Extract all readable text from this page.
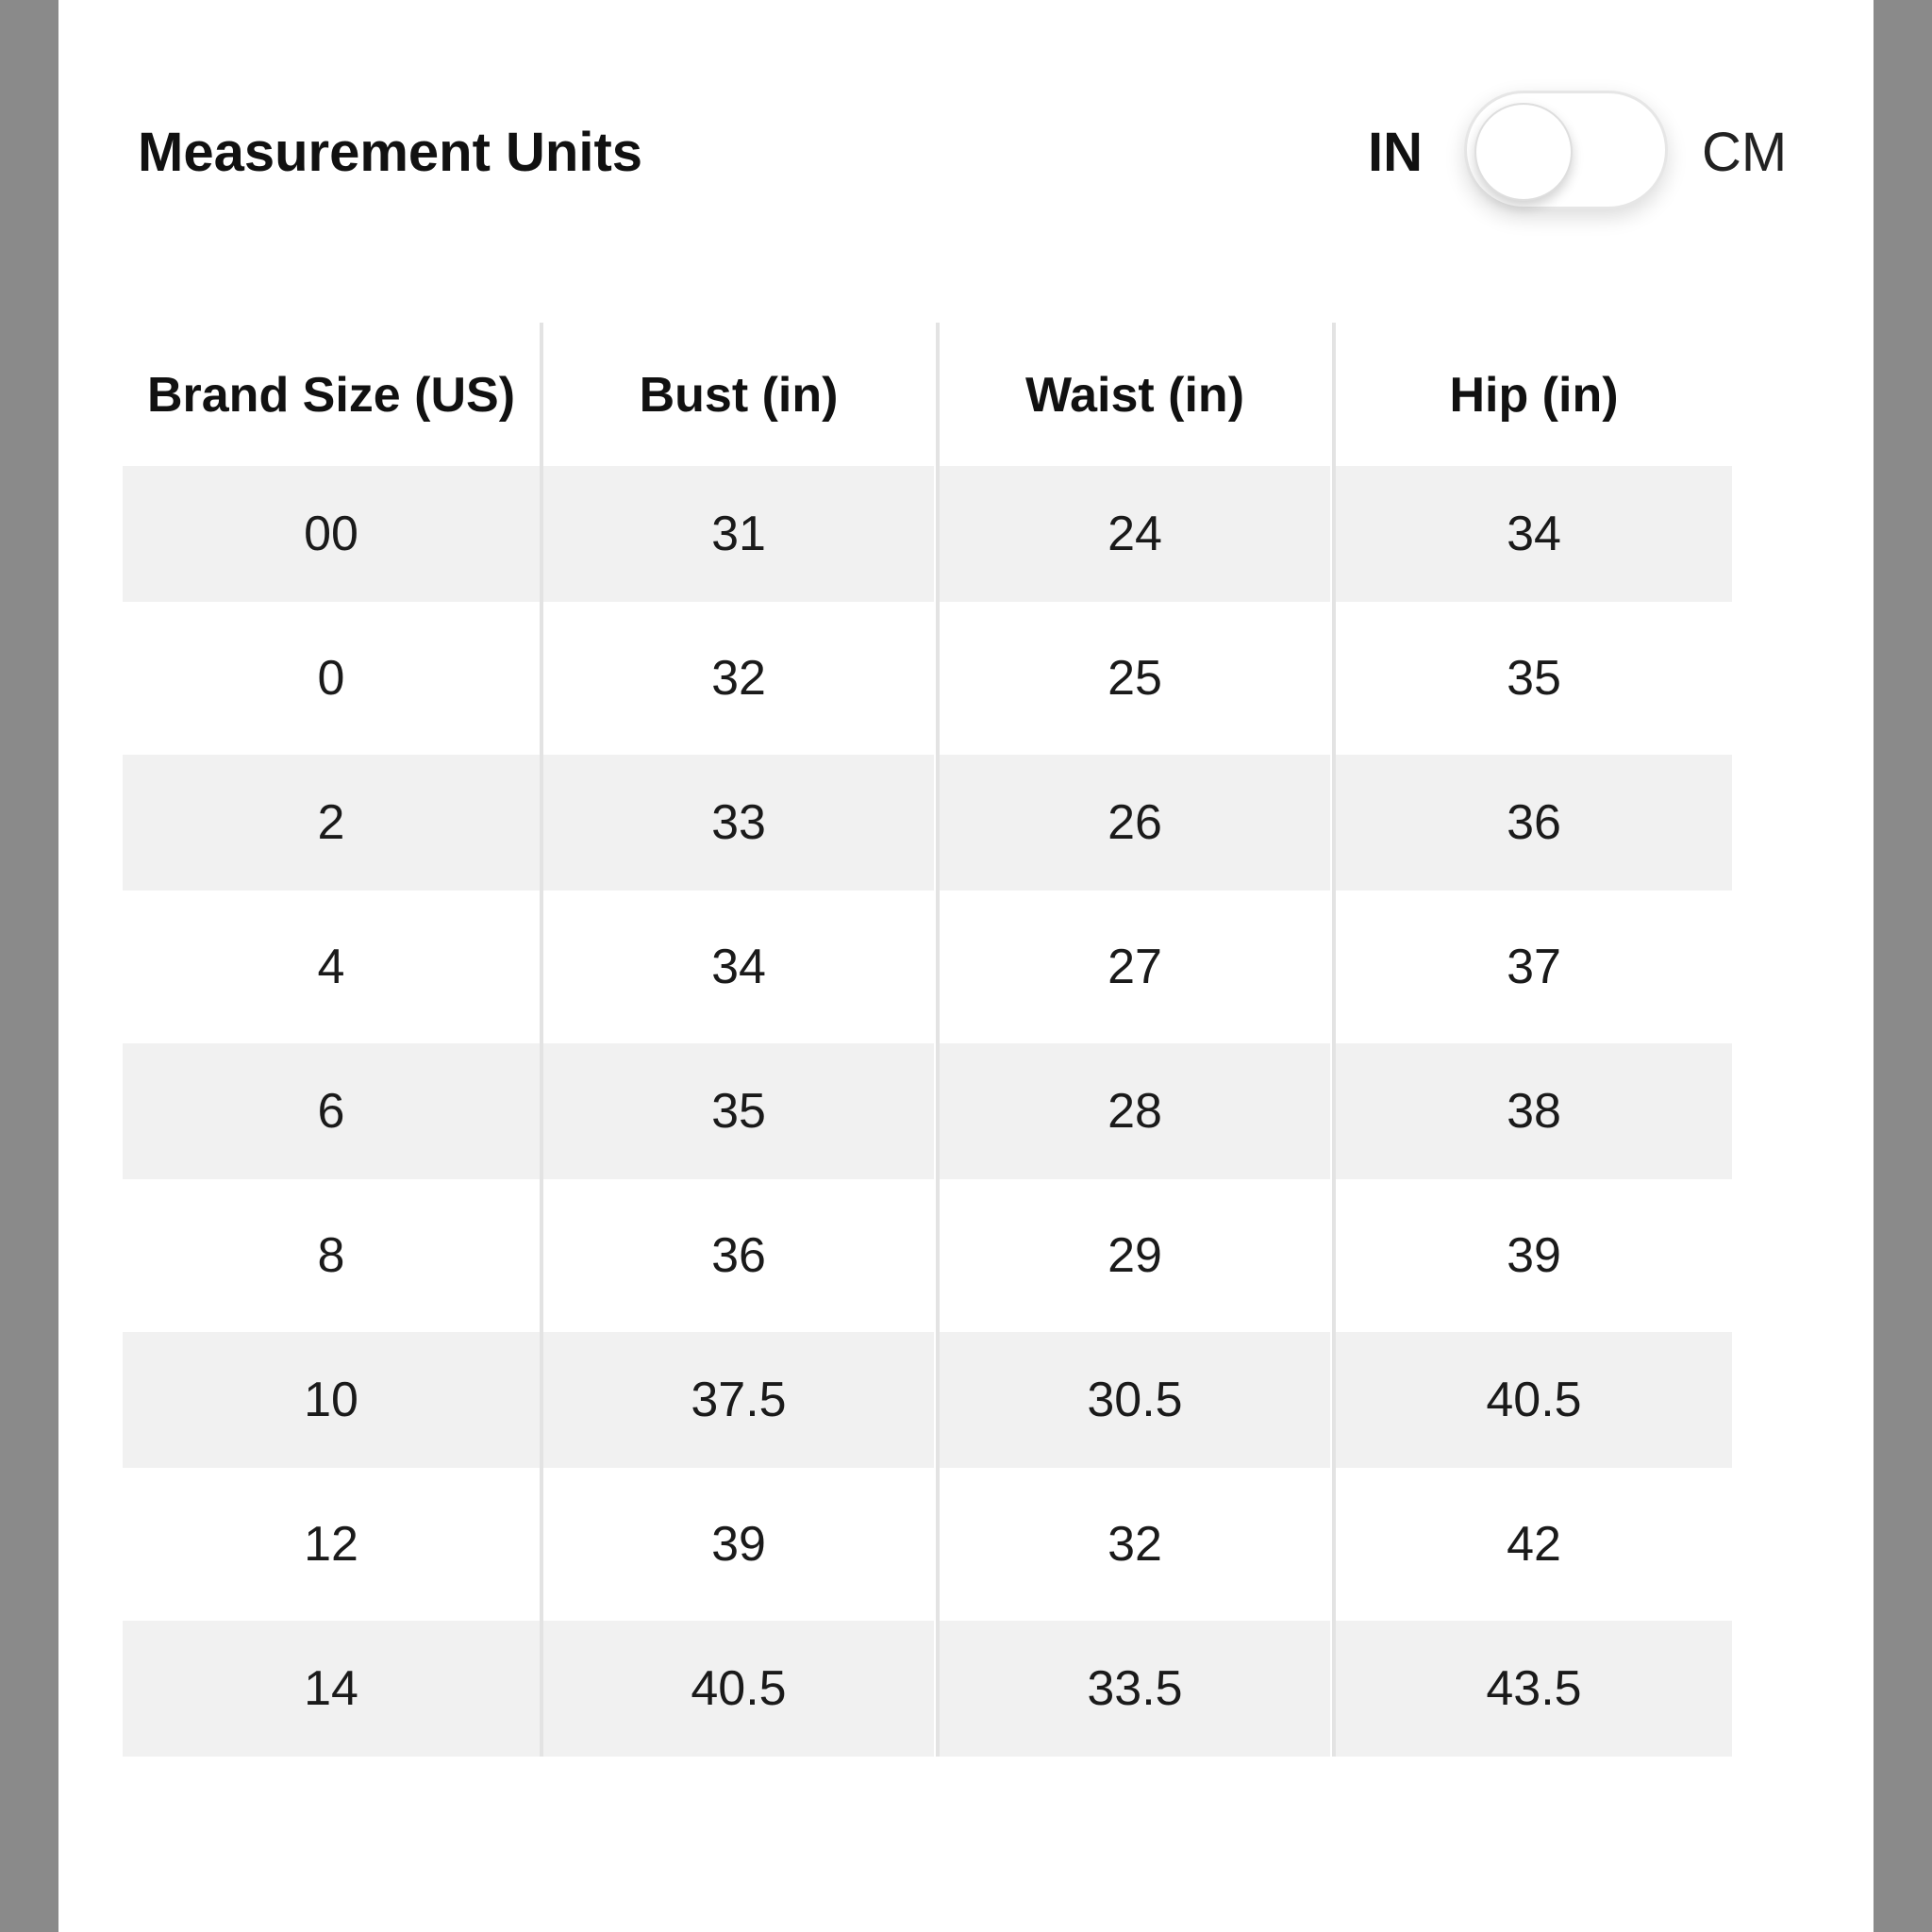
Measurement Units	IN	CM
Brand Size (US)	Bust (in)	Waist (in)	Hip (in)
00	31	24	34
0	32	25	35
2	33	26	36
4	34	27	37
6	35	28	38
8	36	29	39
10	37.5	30.5	40.5
12	39	32	42
14	40.5	33.5	43.5
